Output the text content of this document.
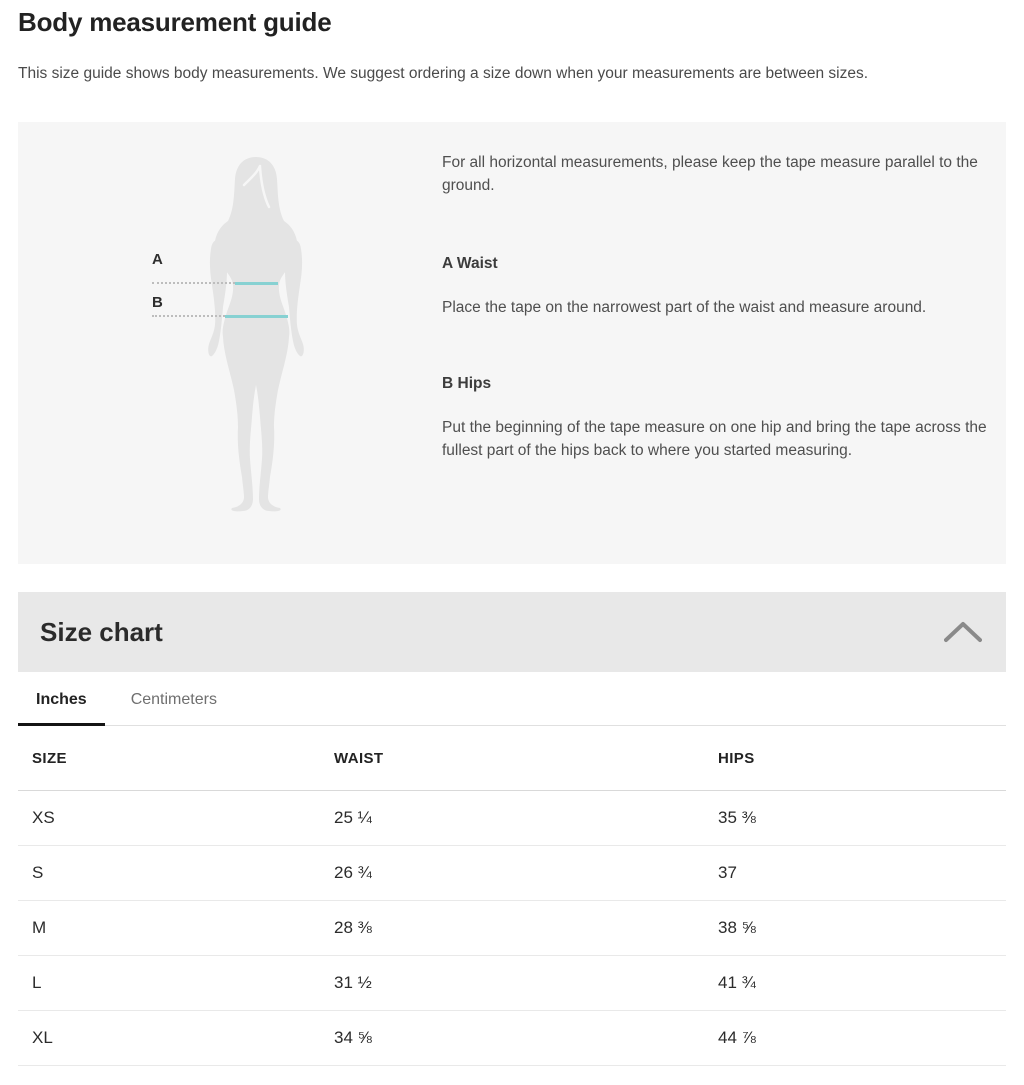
Body measurement guide

This size guide shows body measurements. We suggest ordering a size down when your measurements are between sizes.

A
B

For all horizontal measurements, please keep the tape measure parallel to the ground.

A Waist

Place the tape on the narrowest part of the waist and measure around.

B Hips

Put the beginning of the tape measure on one hip and bring the tape across the fullest part of the hips back to where you started measuring.

Size chart
Inches	Centimeters
SIZE	WAIST	HIPS
XS	25 ¼	35 ⅜
S	26 ¾	37
M	28 ⅜	38 ⅝
L	31 ½	41 ¾
XL	34 ⅝	44 ⅞
